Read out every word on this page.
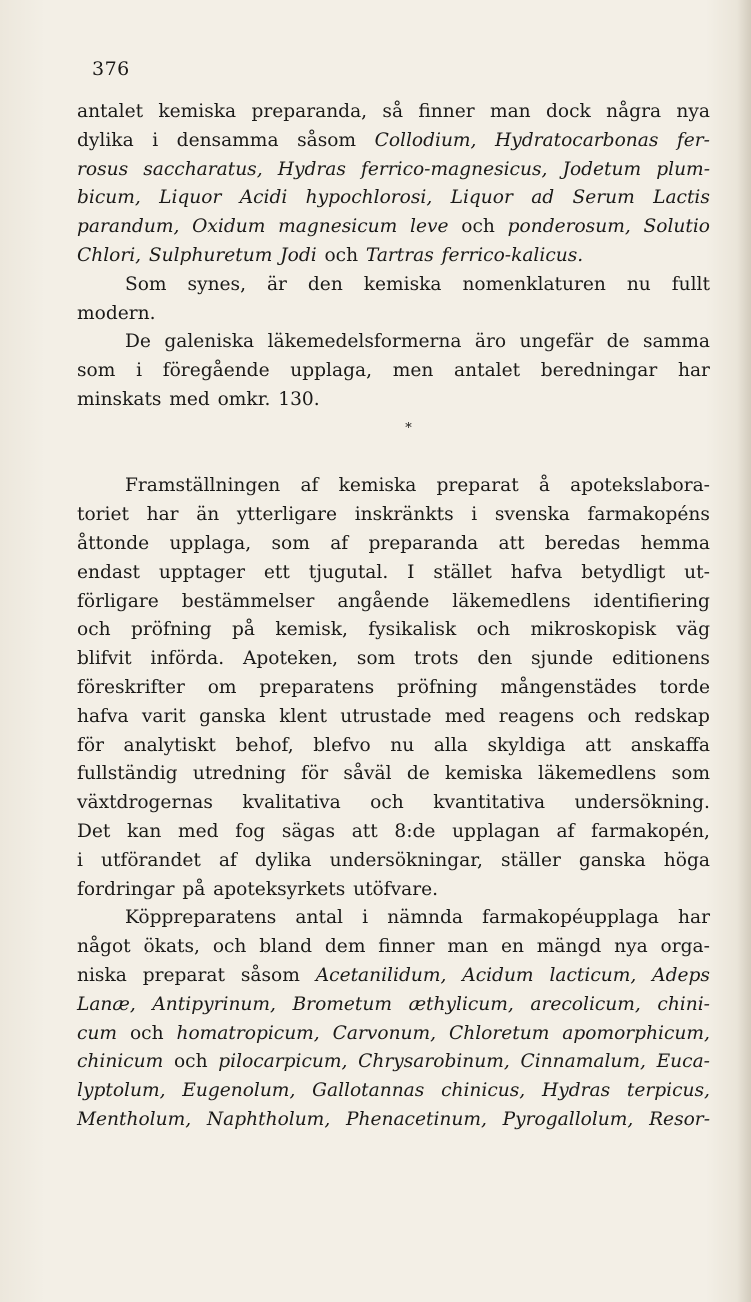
376
antalet kemiska preparanda, så finner man dock några nya
dylika i densamma såsom Collodium, Hydratocarbonas fer-
rosus saccharatus, Hydras ferrico-magnesicus, Jodetum plum-
bicum, Liquor Acidi hypochlorosi, Liquor ad Serum Lactis
parandum, Oxidum magnesicum leve och ponderosum, Solutio
Chlori, Sulphuretum Jodi och Tartras ferrico-kalicus.
Som synes, är den kemiska nomenklaturen nu fullt
modern.
De galeniska läkemedelsformerna äro ungefär de samma
som i föregående upplaga, men antalet beredningar har
minskats med omkr. 130.
*
Framställningen af kemiska preparat å apotekslabora-
toriet har än ytterligare inskränkts i svenska farmakopéns
åttonde upplaga, som af preparanda att beredas hemma
endast upptager ett tjugutal. I stället hafva betydligt ut-
förligare bestämmelser angående läkemedlens identifiering
och pröfning på kemisk, fysikalisk och mikroskopisk väg
blifvit införda. Apoteken, som trots den sjunde editionens
föreskrifter om preparatens pröfning mångenstädes torde
hafva varit ganska klent utrustade med reagens och redskap
för analytiskt behof, blefvo nu alla skyldiga att anskaffa
fullständig utredning för såväl de kemiska läkemedlens som
växtdrogernas kvalitativa och kvantitativa undersökning.
Det kan med fog sägas att 8:de upplagan af farmakopén,
i utförandet af dylika undersökningar, ställer ganska höga
fordringar på apoteksyrkets utöfvare.
Köppreparatens antal i nämnda farmakopéupplaga har
något ökats, och bland dem finner man en mängd nya orga-
niska preparat såsom Acetanilidum, Acidum lacticum, Adeps
Lanæ, Antipyrinum, Brometum æthylicum, arecolicum, chini-
cum och homatropicum, Carvonum, Chloretum apomorphicum,
chinicum och pilocarpicum, Chrysarobinum, Cinnamalum, Euca-
lyptolum, Eugenolum, Gallotannas chinicus, Hydras terpicus,
Mentholum, Naphtholum, Phenacetinum, Pyrogallolum, Resor-
